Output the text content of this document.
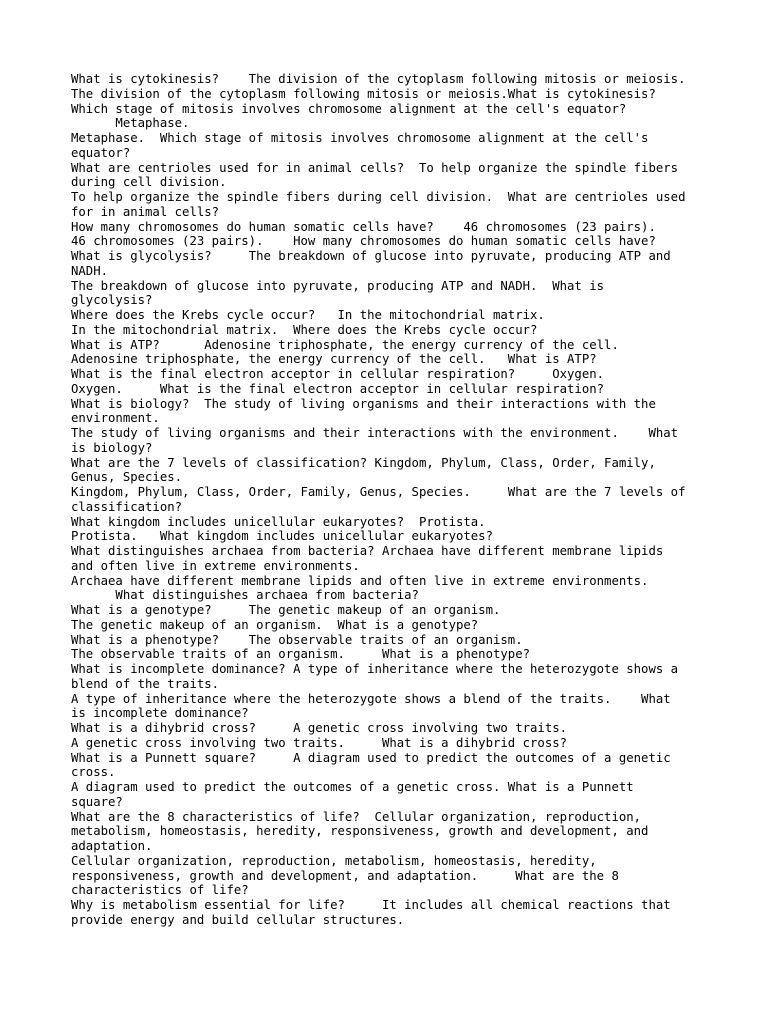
What is cytokinesis?    The division of the cytoplasm following mitosis or meiosis.
The division of the cytoplasm following mitosis or meiosis.What is cytokinesis?
Which stage of mitosis involves chromosome alignment at the cell's equator?
Metaphase.
Metaphase.  Which stage of mitosis involves chromosome alignment at the cell's
equator?
What are centrioles used for in animal cells?  To help organize the spindle fibers
during cell division.
To help organize the spindle fibers during cell division.  What are centrioles used
for in animal cells?
How many chromosomes do human somatic cells have?    46 chromosomes (23 pairs).
46 chromosomes (23 pairs).    How many chromosomes do human somatic cells have?
What is glycolysis?     The breakdown of glucose into pyruvate, producing ATP and
NADH.
The breakdown of glucose into pyruvate, producing ATP and NADH.  What is
glycolysis?
Where does the Krebs cycle occur?   In the mitochondrial matrix.
In the mitochondrial matrix.  Where does the Krebs cycle occur?
What is ATP?      Adenosine triphosphate, the energy currency of the cell.
Adenosine triphosphate, the energy currency of the cell.   What is ATP?
What is the final electron acceptor in cellular respiration?     Oxygen.
Oxygen.     What is the final electron acceptor in cellular respiration?
What is biology?  The study of living organisms and their interactions with the
environment.
The study of living organisms and their interactions with the environment.    What
is biology?
What are the 7 levels of classification? Kingdom, Phylum, Class, Order, Family,
Genus, Species.
Kingdom, Phylum, Class, Order, Family, Genus, Species.     What are the 7 levels of
classification?
What kingdom includes unicellular eukaryotes?  Protista.
Protista.   What kingdom includes unicellular eukaryotes?
What distinguishes archaea from bacteria? Archaea have different membrane lipids
and often live in extreme environments.
Archaea have different membrane lipids and often live in extreme environments.
What distinguishes archaea from bacteria?
What is a genotype?     The genetic makeup of an organism.
The genetic makeup of an organism.  What is a genotype?
What is a phenotype?    The observable traits of an organism.
The observable traits of an organism.     What is a phenotype?
What is incomplete dominance? A type of inheritance where the heterozygote shows a
blend of the traits.
A type of inheritance where the heterozygote shows a blend of the traits.    What
is incomplete dominance?
What is a dihybrid cross?     A genetic cross involving two traits.
A genetic cross involving two traits.     What is a dihybrid cross?
What is a Punnett square?     A diagram used to predict the outcomes of a genetic
cross.
A diagram used to predict the outcomes of a genetic cross. What is a Punnett
square?
What are the 8 characteristics of life?  Cellular organization, reproduction,
metabolism, homeostasis, heredity, responsiveness, growth and development, and
adaptation.
Cellular organization, reproduction, metabolism, homeostasis, heredity,
responsiveness, growth and development, and adaptation.     What are the 8
characteristics of life?
Why is metabolism essential for life?     It includes all chemical reactions that
provide energy and build cellular structures.
